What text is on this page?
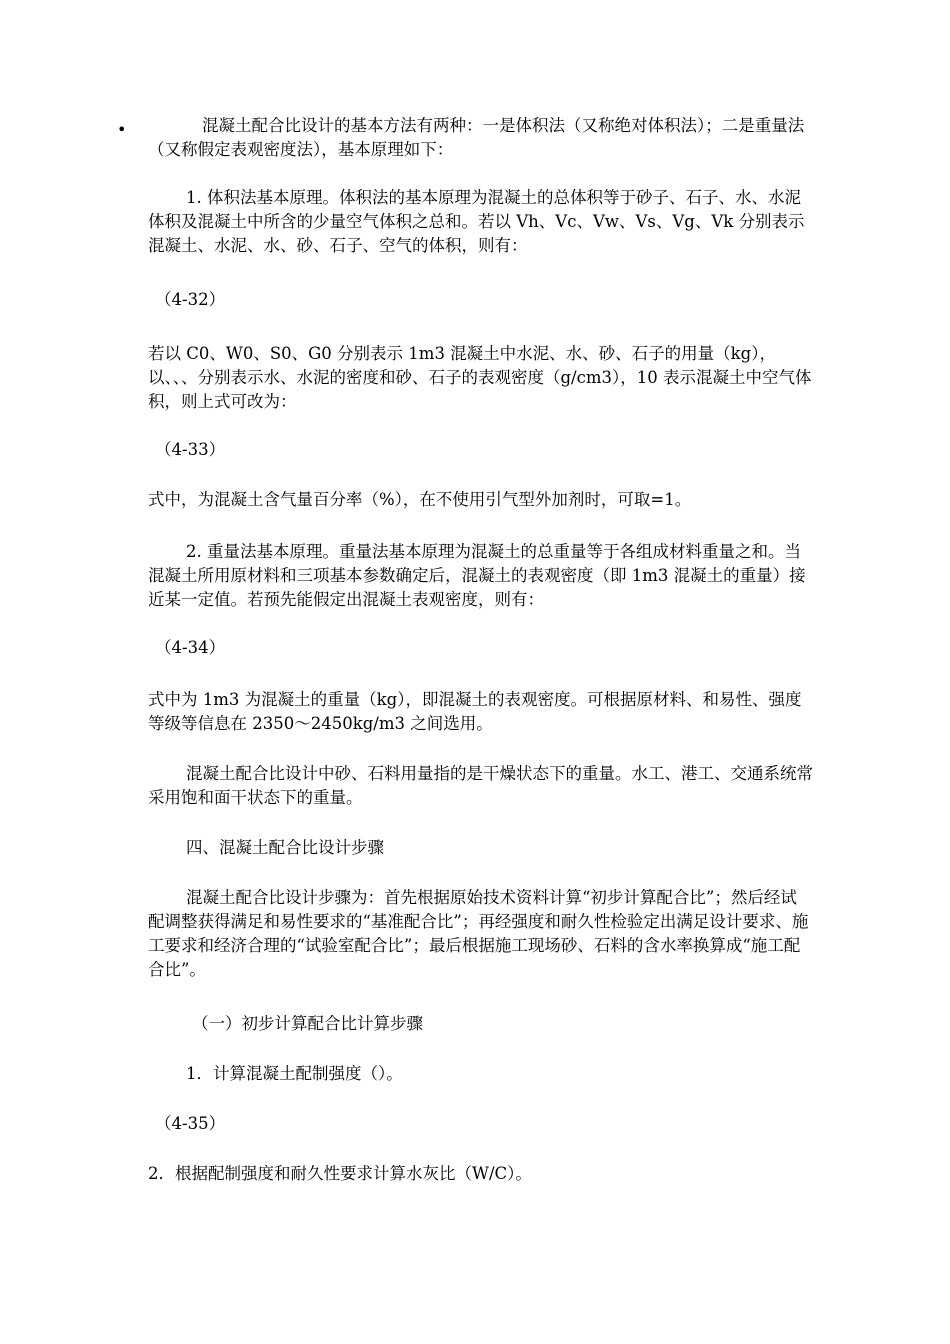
•	混凝土配合比设计的基本方法有两种：一是体积法（又称绝对体积法）；二是重量法（又称假定表观密度法），基本原理如下：

1. 体积法基本原理。体积法的基本原理为混凝土的总体积等于砂子、石子、水、水泥体积及混凝土中所含的少量空气体积之总和。若以 Vh、Vc、Vw、Vs、Vg、Vk 分别表示混凝土、水泥、水、砂、石子、空气的体积，则有：

（4-32）

若以 C0、W0、S0、G0 分别表示 1m3 混凝土中水泥、水、砂、石子的用量（kg），以、、、分别表示水、水泥的密度和砂、石子的表观密度（g/cm3），10 表示混凝土中空气体积，则上式可改为：

（4-33）

式中，为混凝土含气量百分率（%），在不使用引气型外加剂时，可取=1。

2. 重量法基本原理。重量法基本原理为混凝土的总重量等于各组成材料重量之和。当混凝土所用原材料和三项基本参数确定后，混凝土的表观密度（即 1m3 混凝土的重量）接近某一定值。若预先能假定出混凝土表观密度，则有：

（4-34）

式中为 1m3 为混凝土的重量（kg），即混凝土的表观密度。可根据原材料、和易性、强度等级等信息在 2350～2450kg/m3 之间选用。

混凝土配合比设计中砂、石料用量指的是干燥状态下的重量。水工、港工、交通系统常采用饱和面干状态下的重量。

四、混凝土配合比设计步骤

混凝土配合比设计步骤为：首先根据原始技术资料计算“初步计算配合比”；然后经试配调整获得满足和易性要求的“基准配合比”；再经强度和耐久性检验定出满足设计要求、施工要求和经济合理的“试验室配合比”；最后根据施工现场砂、石料的含水率换算成“施工配合比”。

（一）初步计算配合比计算步骤

1．计算混凝土配制强度（）。

（4-35）

2．根据配制强度和耐久性要求计算水灰比（W/C）。
